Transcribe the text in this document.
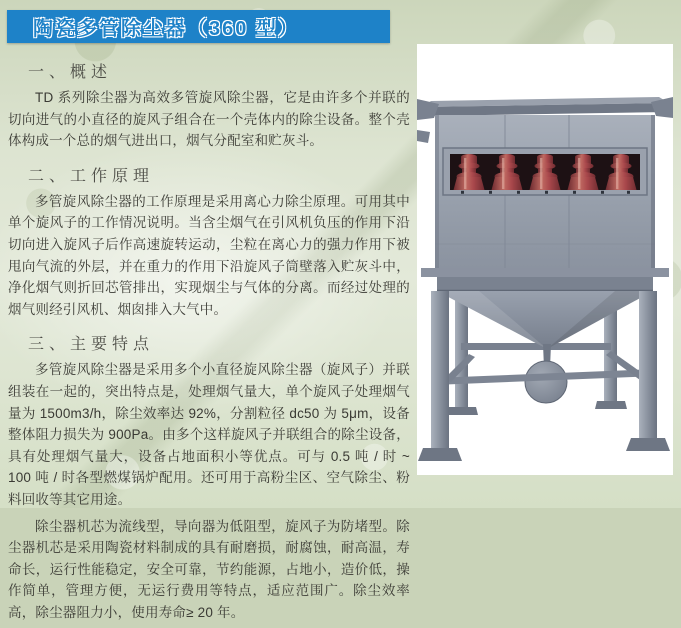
陶瓷多管除尘器（360 型）
一、概述

TD 系列除尘器为高效多管旋风除尘器，它是由许多个并联的切向进气的小直径的旋风子组合在一个壳体内的除尘设备。整个壳体构成一个总的烟气进出口，烟气分配室和贮灰斗。

二、工作原理

多管旋风除尘器的工作原理是采用离心力除尘原理。可用其中单个旋风子的工作情况说明。当含尘烟气在引风机负压的作用下沿切向进入旋风子后作高速旋转运动，尘粒在离心力的强力作用下被甩向气流的外层，并在重力的作用下沿旋风子筒壁落入贮灰斗中，净化烟气则折回芯管排出，实现烟尘与气体的分离。而经过处理的烟气则经引风机、烟囱排入大气中。

三、主要特点

多管旋风除尘器是采用多个小直径旋风除尘器（旋风子）并联组装在一起的，突出特点是，处理烟气量大，单个旋风子处理烟气量为 1500m3/h，除尘效率达 92%，分割粒径 dc50 为 5μm，设备整体阻力损失为 900Pa。由多个这样旋风子并联组合的除尘设备，具有处理烟气量大，设备占地面积小等优点。可与 0.5 吨 / 时 ~ 100 吨 / 时各型燃煤锅炉配用。还可用于高粉尘区、空气除尘、粉料回收等其它用途。

除尘器机芯为流线型，导向器为低阻型，旋风子为防堵型。除尘器机芯是采用陶瓷材料制成的具有耐磨损，耐腐蚀，耐高温，寿命长，运行性能稳定，安全可靠，节约能源，占地小，造价低，操作简单，管理方便，无运行费用等特点，适应范围广。除尘效率高，除尘器阻力小，使用寿命≥ 20 年。
